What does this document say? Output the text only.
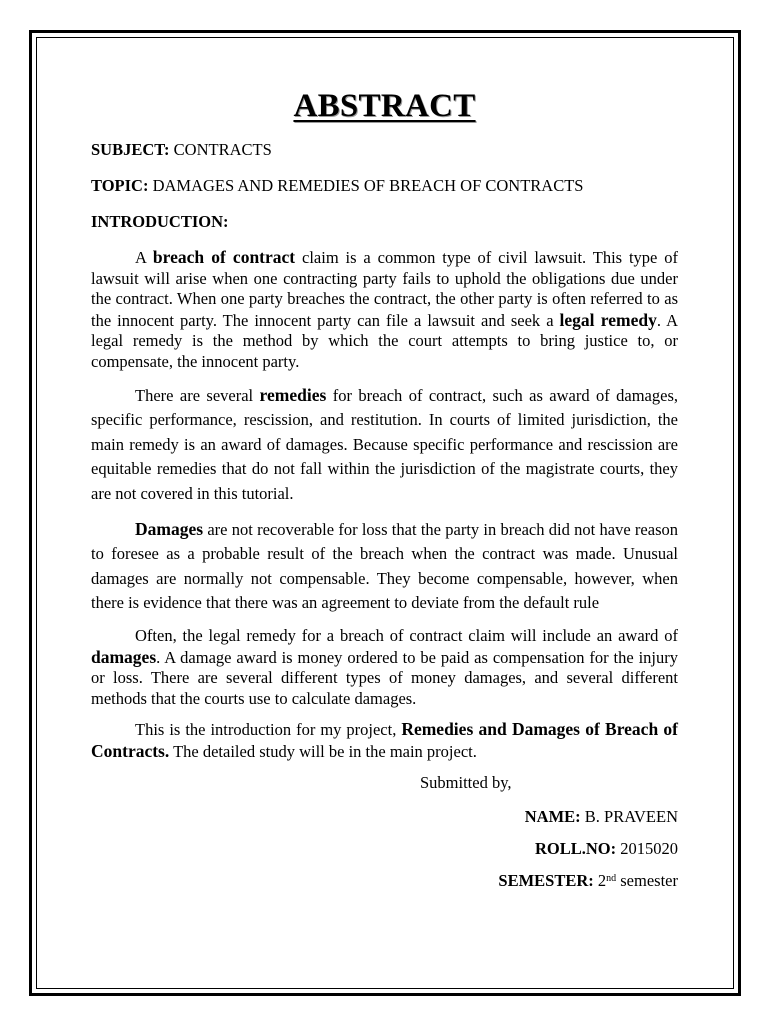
ABSTRACT
SUBJECT: CONTRACTS
TOPIC: DAMAGES AND REMEDIES OF BREACH OF CONTRACTS
INTRODUCTION:

A breach of contract claim is a common type of civil lawsuit. This type of lawsuit will arise when one contracting party fails to uphold the obligations due under the contract. When one party breaches the contract, the other party is often referred to as the innocent party. The innocent party can file a lawsuit and seek a legal remedy. A legal remedy is the method by which the court attempts to bring justice to, or compensate, the innocent party.

There are several remedies for breach of contract, such as award of damages, specific performance, rescission, and restitution. In courts of limited jurisdiction, the main remedy is an award of damages. Because specific performance and rescission are equitable remedies that do not fall within the jurisdiction of the magistrate courts, they are not covered in this tutorial.

Damages are not recoverable for loss that the party in breach did not have reason to foresee as a probable result of the breach when the contract was made. Unusual damages are normally not compensable. They become compensable, however, when there is evidence that there was an agreement to deviate from the default rule

Often, the legal remedy for a breach of contract claim will include an award of damages. A damage award is money ordered to be paid as compensation for the injury or loss. There are several different types of money damages, and several different methods that the courts use to calculate damages.

This is the introduction for my project, Remedies and Damages of Breach of Contracts. The detailed study will be in the main project.

Submitted by,
NAME: B. PRAVEEN
ROLL.NO: 2015020
SEMESTER: 2nd semester
